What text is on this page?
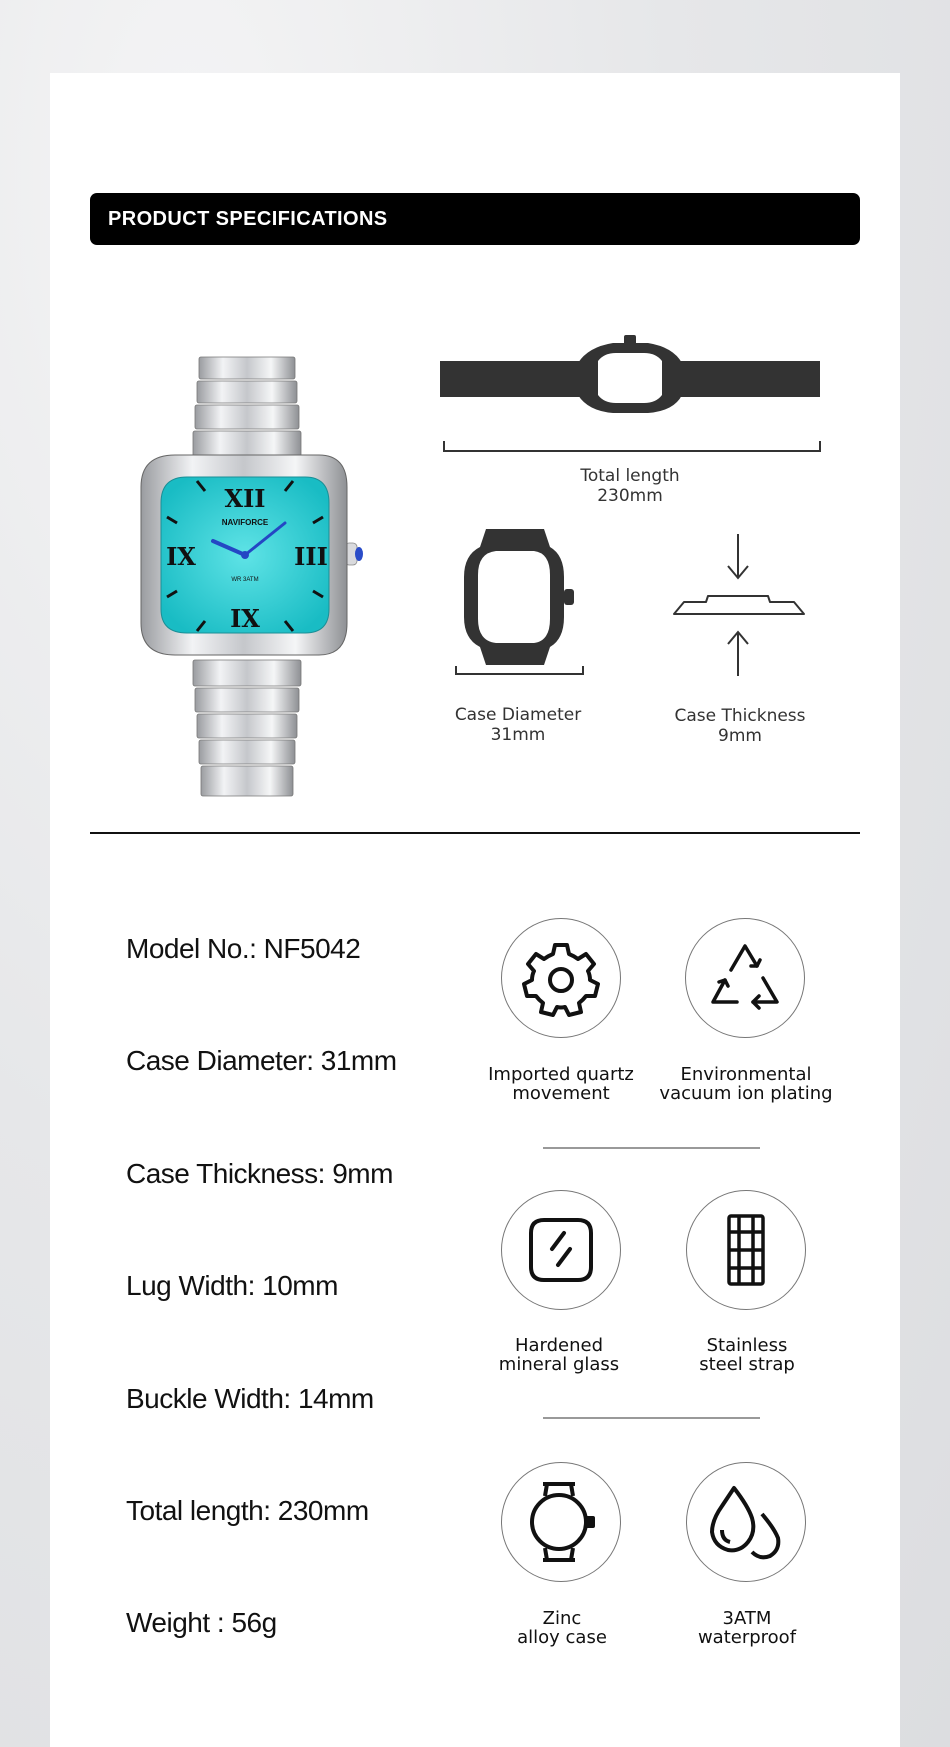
PRODUCT SPECIFICATIONS
XII
IX
IX	III
NAVIFORCE
WR 3ATM
Total length
230mm
Case Diameter
31mm
Case Thickness
9mm
Model No.: NF5042
Case Diameter: 31mm
Case Thickness: 9mm
Lug Width: 10mm
Buckle Width: 14mm
Total length: 230mm
Weight : 56g
Imported quartz
movement
Environmental
vacuum ion plating
Hardened
mineral glass
Stainless
steel strap
Zinc
alloy case
3ATM
waterproof
